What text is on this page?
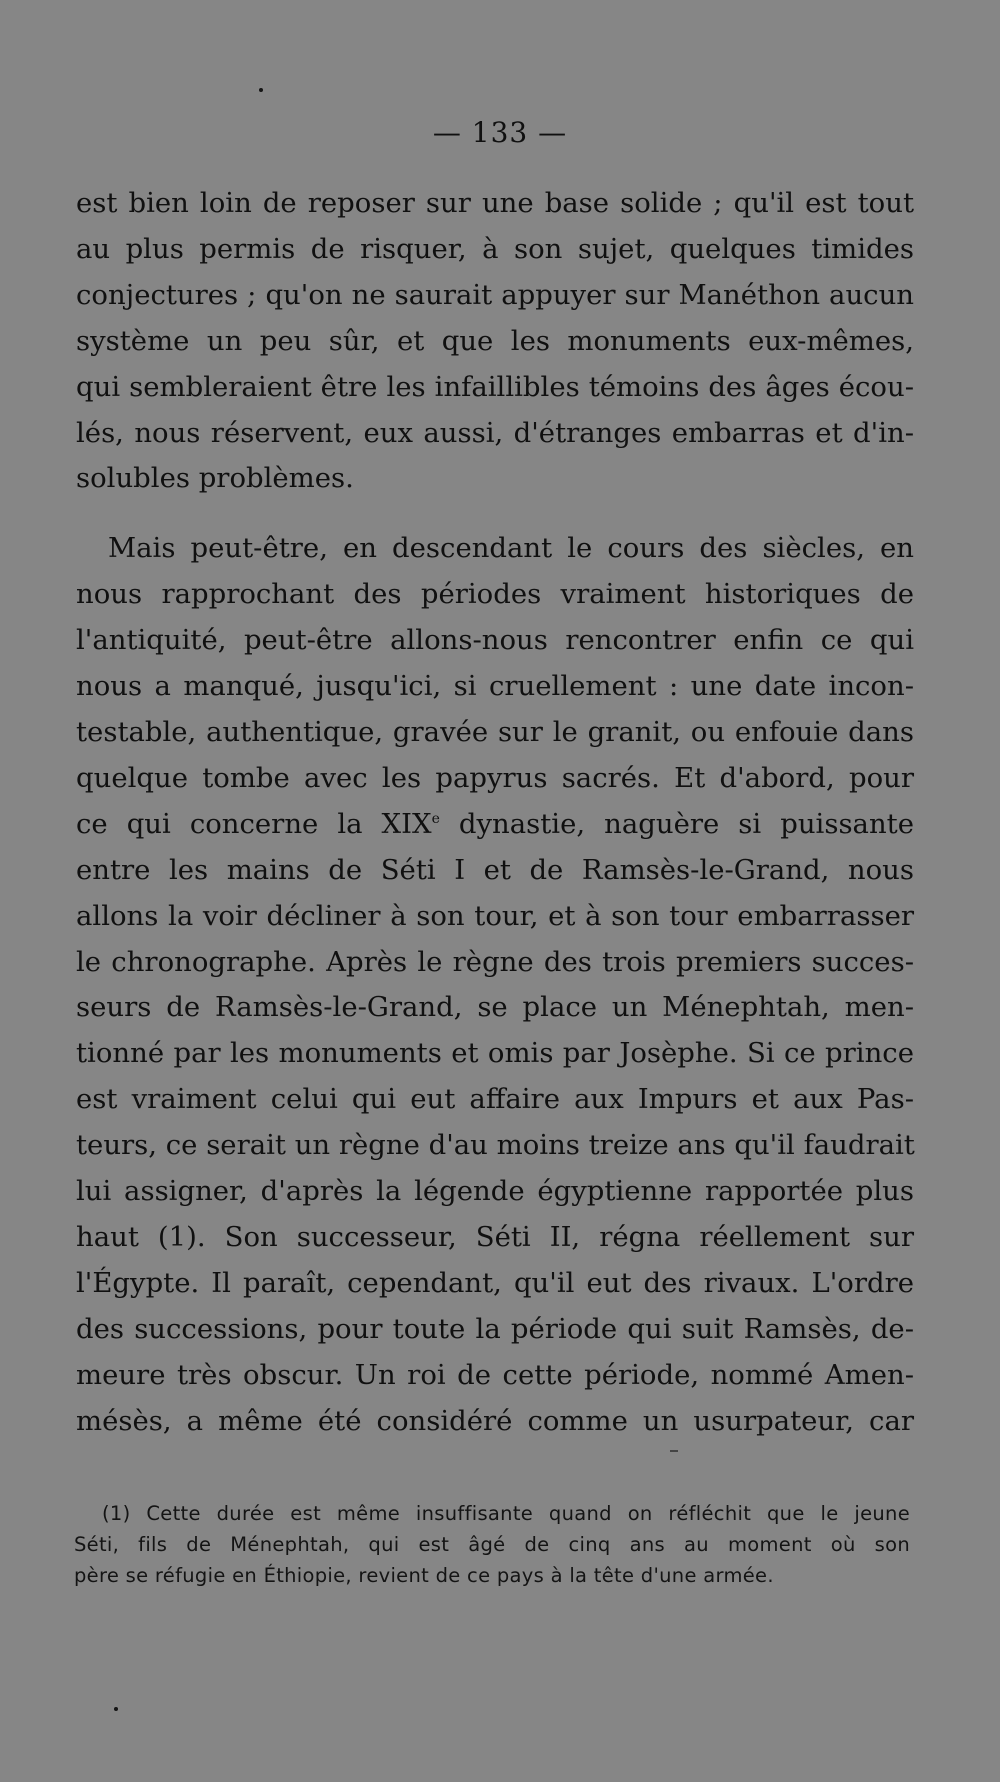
— 133 —
est bien loin de reposer sur une base solide ; qu'il est tout
au plus permis de risquer, à son sujet, quelques timides
conjectures ; qu'on ne saurait appuyer sur Manéthon aucun
système un peu sûr, et que les monuments eux-mêmes,
qui sembleraient être les infaillibles témoins des âges écou-
lés, nous réservent, eux aussi, d'étranges embarras et d'in-
solubles problèmes.
Mais peut-être, en descendant le cours des siècles, en
nous rapprochant des périodes vraiment historiques de
l'antiquité, peut-être allons-nous rencontrer enfin ce qui
nous a manqué, jusqu'ici, si cruellement : une date incon-
testable, authentique, gravée sur le granit, ou enfouie dans
quelque tombe avec les papyrus sacrés. Et d'abord, pour
ce qui concerne la XIXe dynastie, naguère si puissante
entre les mains de Séti I et de Ramsès-le-Grand, nous
allons la voir décliner à son tour, et à son tour embarrasser
le chronographe. Après le règne des trois premiers succes-
seurs de Ramsès-le-Grand, se place un Ménephtah, men-
tionné par les monuments et omis par Josèphe. Si ce prince
est vraiment celui qui eut affaire aux Impurs et aux Pas-
teurs, ce serait un règne d'au moins treize ans qu'il faudrait
lui assigner, d'après la légende égyptienne rapportée plus
haut (1). Son successeur, Séti II, régna réellement sur
l'Égypte. Il paraît, cependant, qu'il eut des rivaux. L'ordre
des successions, pour toute la période qui suit Ramsès, de-
meure très obscur. Un roi de cette période, nommé Amen-
mésès, a même été considéré comme un usurpateur, car
(1) Cette durée est même insuffisante quand on réfléchit que le jeune
Séti, fils de Ménephtah, qui est âgé de cinq ans au moment où son
père se réfugie en Éthiopie, revient de ce pays à la tête d'une armée.
